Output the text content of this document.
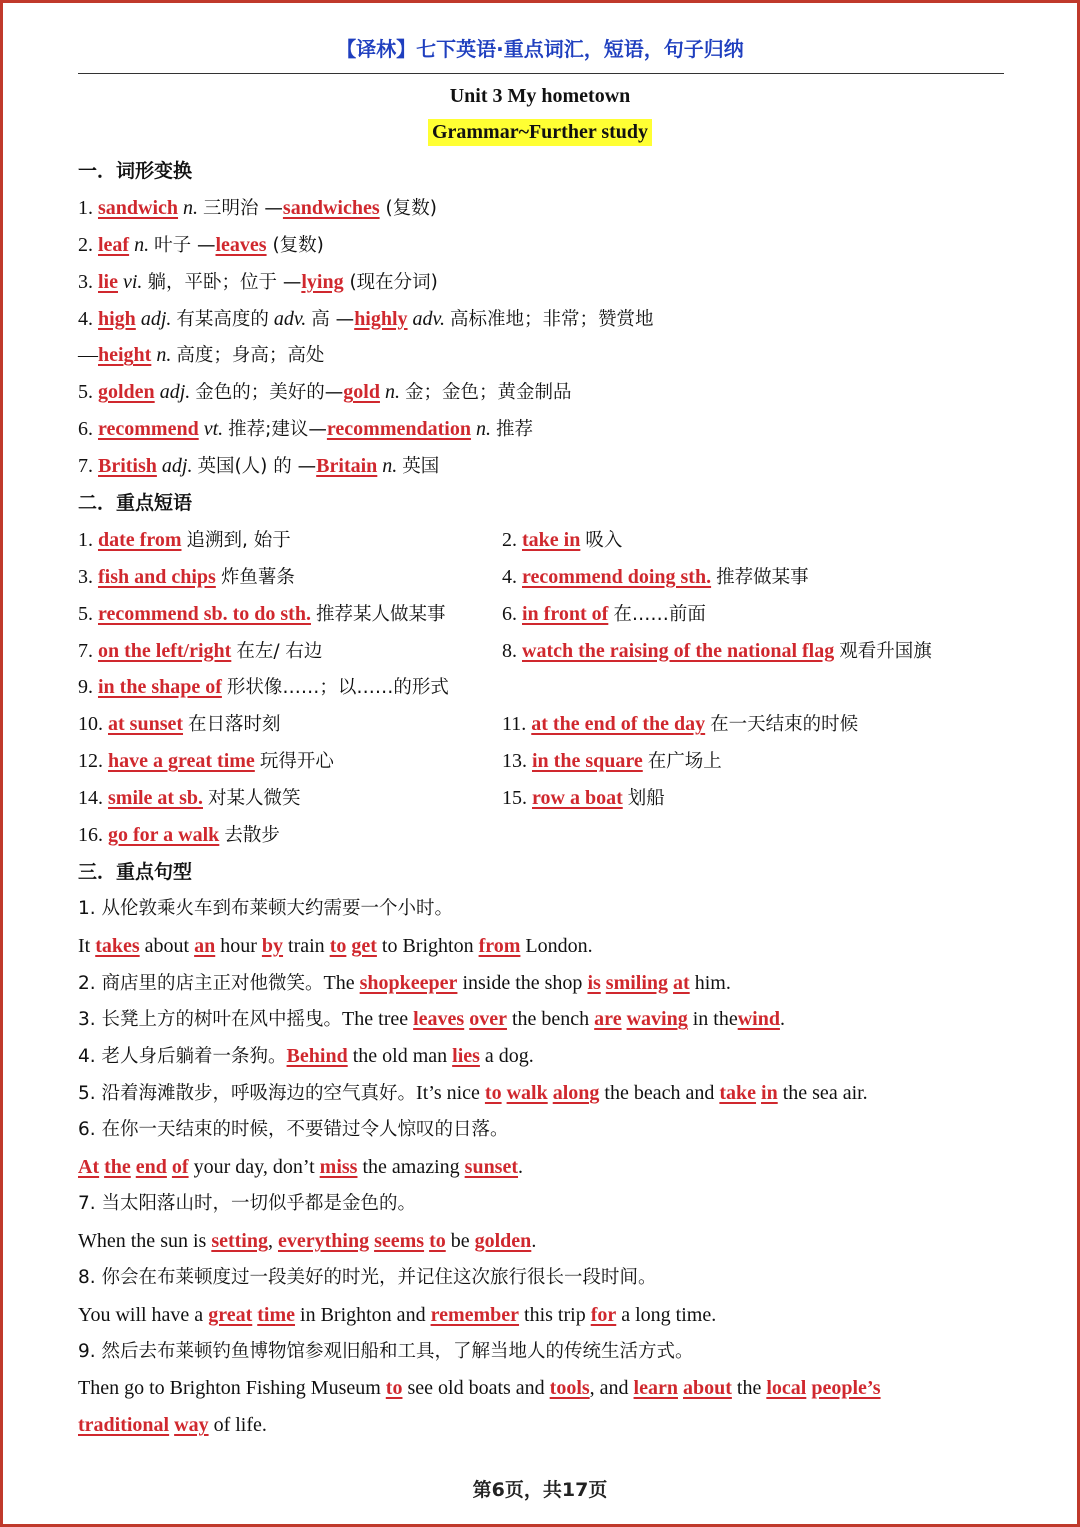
【译林】七下英语·重点词汇，短语，句子归纳
Unit 3 My hometown
Grammar~Further study
一．词形变换
1. sandwich n. 三明治 —sandwiches (复数)
2. leaf n. 叶子 —leaves (复数)
3. lie vi. 躺，平卧；位于 —lying (现在分词)
4. high adj. 有某高度的 adv. 高 —highly adv. 高标准地；非常；赞赏地
—height n. 高度；身高；高处
5. golden adj. 金色的；美好的—gold n. 金；金色；黄金制品
6. recommend vt. 推荐;建议—recommendation n. 推荐
7. British adj. 英国(人) 的 —Britain n. 英国
二．重点短语
1. date from 追溯到, 始于	2. take in 吸入
3. fish and chips 炸鱼薯条	4. recommend doing sth. 推荐做某事
5. recommend sb. to do sth. 推荐某人做某事	6. in front of 在……前面
7. on the left/right 在左/ 右边	8. watch the raising of the national flag 观看升国旗
9. in the shape of 形状像……；以……的形式
10. at sunset 在日落时刻	11. at the end of the day 在一天结束的时候
12. have a great time 玩得开心	13. in the square 在广场上
14. smile at sb. 对某人微笑	15. row a boat 划船
16. go for a walk 去散步
三．重点句型
1. 从伦敦乘火车到布莱顿大约需要一个小时。
It takes about an hour by train to get to Brighton from London.
2. 商店里的店主正对他微笑。The shopkeeper inside the shop is smiling at him.
3. 长凳上方的树叶在风中摇曳。The tree leaves over the bench are waving in thewind.
4. 老人身后躺着一条狗。Behind the old man lies a dog.
5. 沿着海滩散步，呼吸海边的空气真好。It’s nice to walk along the beach and take in the sea air.
6. 在你一天结束的时候，不要错过令人惊叹的日落。
At the end of your day, don’t miss the amazing sunset.
7. 当太阳落山时，一切似乎都是金色的。
When the sun is setting, everything seems to be golden.
8. 你会在布莱顿度过一段美好的时光，并记住这次旅行很长一段时间。
You will have a great time in Brighton and remember this trip for a long time.
9. 然后去布莱顿钓鱼博物馆参观旧船和工具，了解当地人的传统生活方式。
Then go to Brighton Fishing Museum to see old boats and tools, and learn about the local people’s
traditional way of life.
第6页，共17页
